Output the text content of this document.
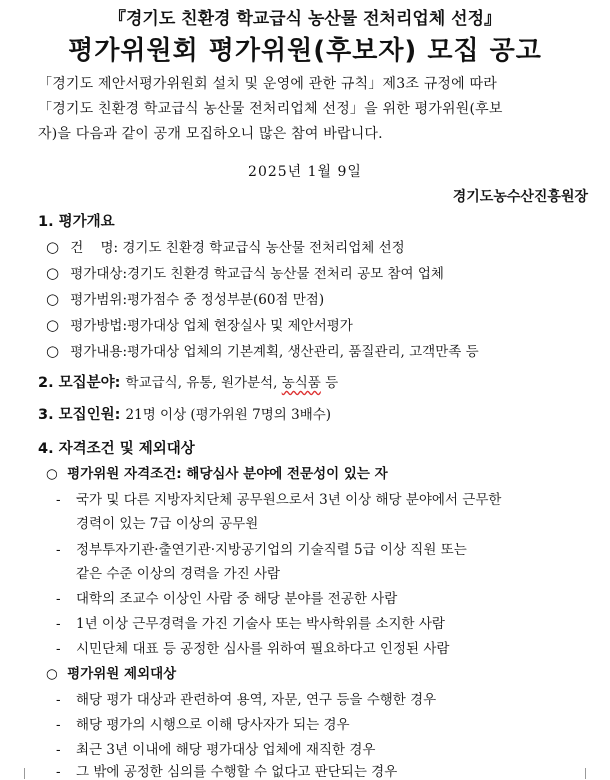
『경기도 친환경 학교급식 농산물 전처리업체 선정』
평가위원회 평가위원(후보자) 모집 공고
「경기도 제안서평가위원회 설치 및 운영에 관한 규칙」제3조 규정에 따라
「경기도 친환경 학교급식 농산물 전처리업체 선정」을 위한 평가위원(후보
자)을 다음과 같이 공개 모집하오니 많은 참여 바랍니다.
2025년 1월 9일
경기도농수산진흥원장
1. 평가개요
○ 건    명: 경기도 친환경 학교급식 농산물 전처리업체 선정
○ 평가대상:경기도 친환경 학교급식 농산물 전처리 공모 참여 업체
○ 평가범위:평가점수 중 정성부분(60점 만점)
○ 평가방법:평가대상 업체 현장실사 및 제안서평가
○ 평가내용:평가대상 업체의 기본계획, 생산관리, 품질관리, 고객만족 등
2. 모집분야: 학교급식, 유통, 원가분석, 농식품 등
3. 모집인원: 21명 이상 (평가위원 7명의 3배수)
4. 자격조건 및 제외대상
○  평가위원 자격조건: 해당심사 분야에 전문성이 있는 자
- 국가 및 다른 지방자치단체 공무원으로서 3년 이상 해당 분야에서 근무한
경력이 있는 7급 이상의 공무원
- 정부투자기관·출연기관·지방공기업의 기술직렬 5급 이상 직원 또는
같은 수준 이상의 경력을 가진 사람
- 대학의 조교수 이상인 사람 중 해당 분야를 전공한 사람
- 1년 이상 근무경력을 가진 기술사 또는 박사학위를 소지한 사람
- 시민단체 대표 등 공정한 심사를 위하여 필요하다고 인정된 사람
○  평가위원 제외대상
- 해당 평가 대상과 관련하여 용역, 자문, 연구 등을 수행한 경우
- 해당 평가의 시행으로 이해 당사자가 되는 경우
- 최근 3년 이내에 해당 평가대상 업체에 재직한 경우
- 그 밖에 공정한 심의를 수행할 수 없다고 판단되는 경우
